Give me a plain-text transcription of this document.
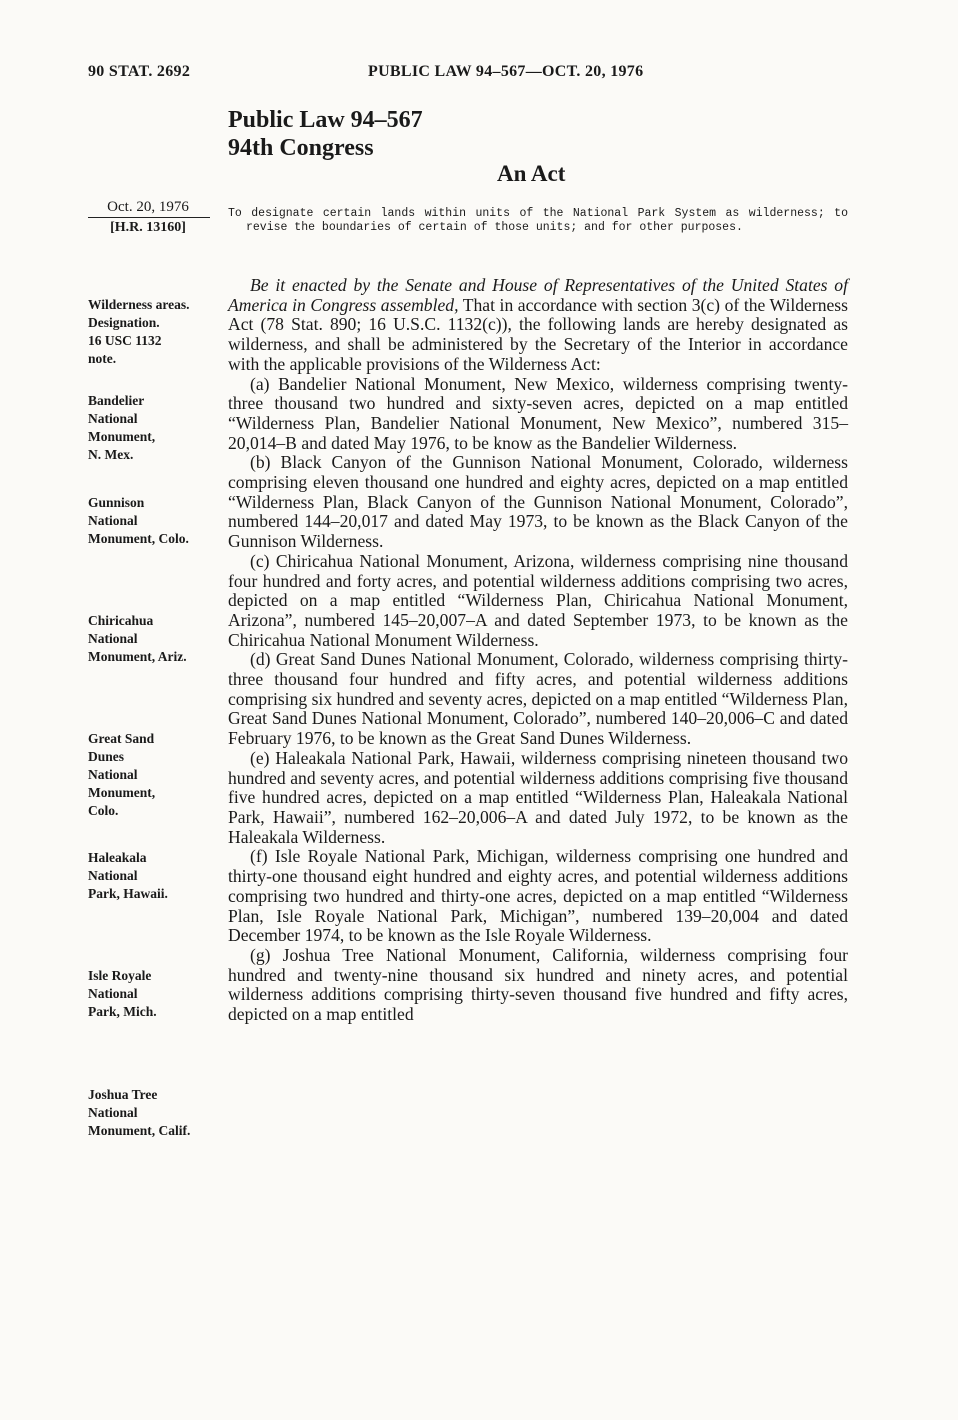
90 STAT. 2692	PUBLIC LAW 94–567—OCT. 20, 1976
Public Law 94–567
94th Congress
An Act
Oct. 20, 1976
[H.R. 13160]
To designate certain lands within units of the National Park System as wilderness; to revise the boundaries of certain of those units; and for other purposes.
Wilderness areas.
Designation.
16 USC 1132
note.
Bandelier
National
Monument,
N. Mex.
Gunnison
National
Monument, Colo.
Chiricahua
National
Monument, Ariz.
Great Sand
Dunes
National
Monument,
Colo.
Haleakala
National
Park, Hawaii.
Isle Royale
National
Park, Mich.
Joshua Tree
National
Monument, Calif.

Be it enacted by the Senate and House of Representatives of the United States of America in Congress assembled, That in accordance with section 3(c) of the Wilderness Act (78 Stat. 890; 16 U.S.C. 1132(c)), the following lands are hereby designated as wilderness, and shall be administered by the Secretary of the Interior in accordance with the applicable provisions of the Wilderness Act:

(a) Bandelier National Monument, New Mexico, wilderness comprising twenty-three thousand two hundred and sixty-seven acres, depicted on a map entitled “Wilderness Plan, Bandelier National Monument, New Mexico”, numbered 315–20,014–B and dated May 1976, to be know as the Bandelier Wilderness.

(b) Black Canyon of the Gunnison National Monument, Colorado, wilderness comprising eleven thousand one hundred and eighty acres, depicted on a map entitled “Wilderness Plan, Black Canyon of the Gunnison National Monument, Colorado”, numbered 144–20,017 and dated May 1973, to be known as the Black Canyon of the Gunnison Wilderness.

(c) Chiricahua National Monument, Arizona, wilderness comprising nine thousand four hundred and forty acres, and potential wilderness additions comprising two acres, depicted on a map entitled “Wilderness Plan, Chiricahua National Monument, Arizona”, numbered 145–20,007–A and dated September 1973, to be known as the Chiricahua National Monument Wilderness.

(d) Great Sand Dunes National Monument, Colorado, wilderness comprising thirty-three thousand four hundred and fifty acres, and potential wilderness additions comprising six hundred and seventy acres, depicted on a map entitled “Wilderness Plan, Great Sand Dunes National Monument, Colorado”, numbered 140–20,006–C and dated February 1976, to be known as the Great Sand Dunes Wilderness.

(e) Haleakala National Park, Hawaii, wilderness comprising nineteen thousand two hundred and seventy acres, and potential wilderness additions comprising five thousand five hundred acres, depicted on a map entitled “Wilderness Plan, Haleakala National Park, Hawaii”, numbered 162–20,006–A and dated July 1972, to be known as the Haleakala Wilderness.

(f) Isle Royale National Park, Michigan, wilderness comprising one hundred and thirty-one thousand eight hundred and eighty acres, and potential wilderness additions comprising two hundred and thirty-one acres, depicted on a map entitled “Wilderness Plan, Isle Royale National Park, Michigan”, numbered 139–20,004 and dated December 1974, to be known as the Isle Royale Wilderness.

(g) Joshua Tree National Monument, California, wilderness comprising four hundred and twenty-nine thousand six hundred and ninety acres, and potential wilderness additions comprising thirty-seven thousand five hundred and fifty acres, depicted on a map entitled
